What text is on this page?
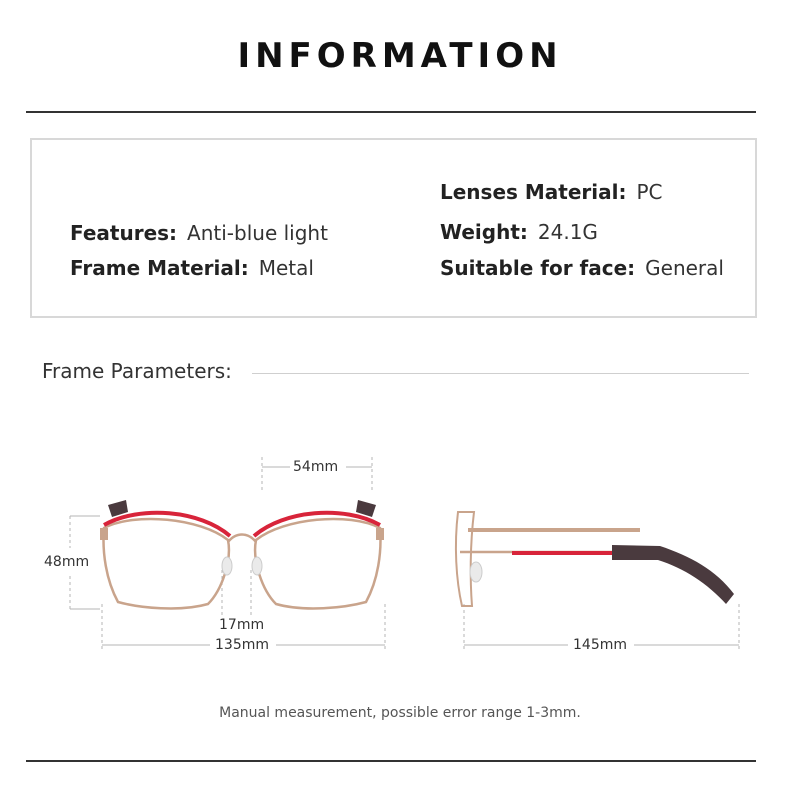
INFORMATION
Lenses Material: PC
Features: Anti-blue light	Weight: 24.1G
Frame Material: Metal	Suitable for face: General
Frame Parameters:
54mm
48mm
17mm
135mm	145mm
Manual measurement, possible error range 1-3mm.
